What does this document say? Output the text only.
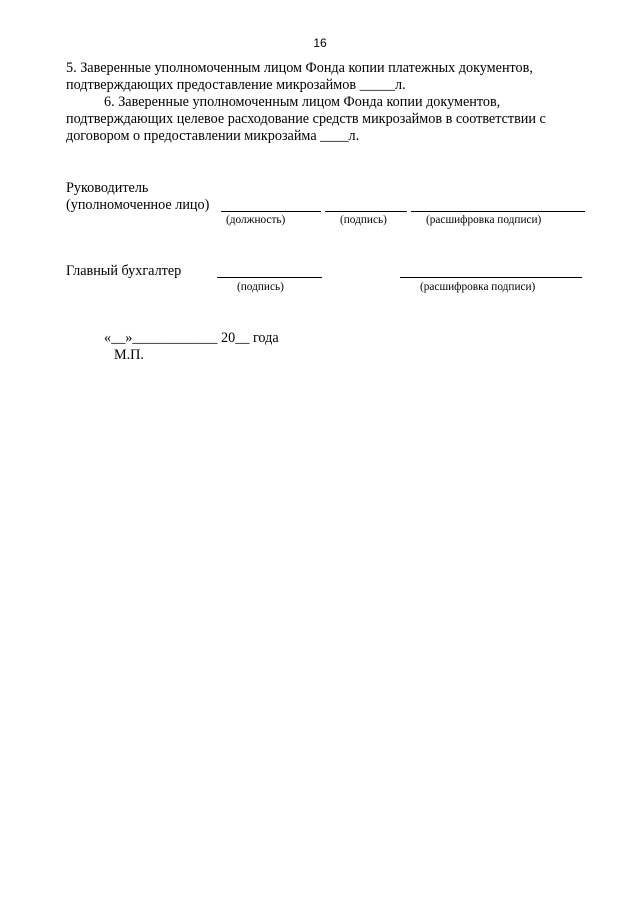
16
5. Заверенные уполномоченным лицом Фонда копии платежных документов,
подтверждающих предоставление микрозаймов _____л.
6. Заверенные уполномоченным лицом Фонда копии документов,
подтверждающих целевое расходование средств микрозаймов в соответствии с
договором о предоставлении микрозайма ____л.
Руководитель
(уполномоченное лицо)
(должность)	(подпись)	(расшифровка подписи)
Главный бухгалтер
(подпись)	(расшифровка подписи)
«__»____________ 20__ года
М.П.
